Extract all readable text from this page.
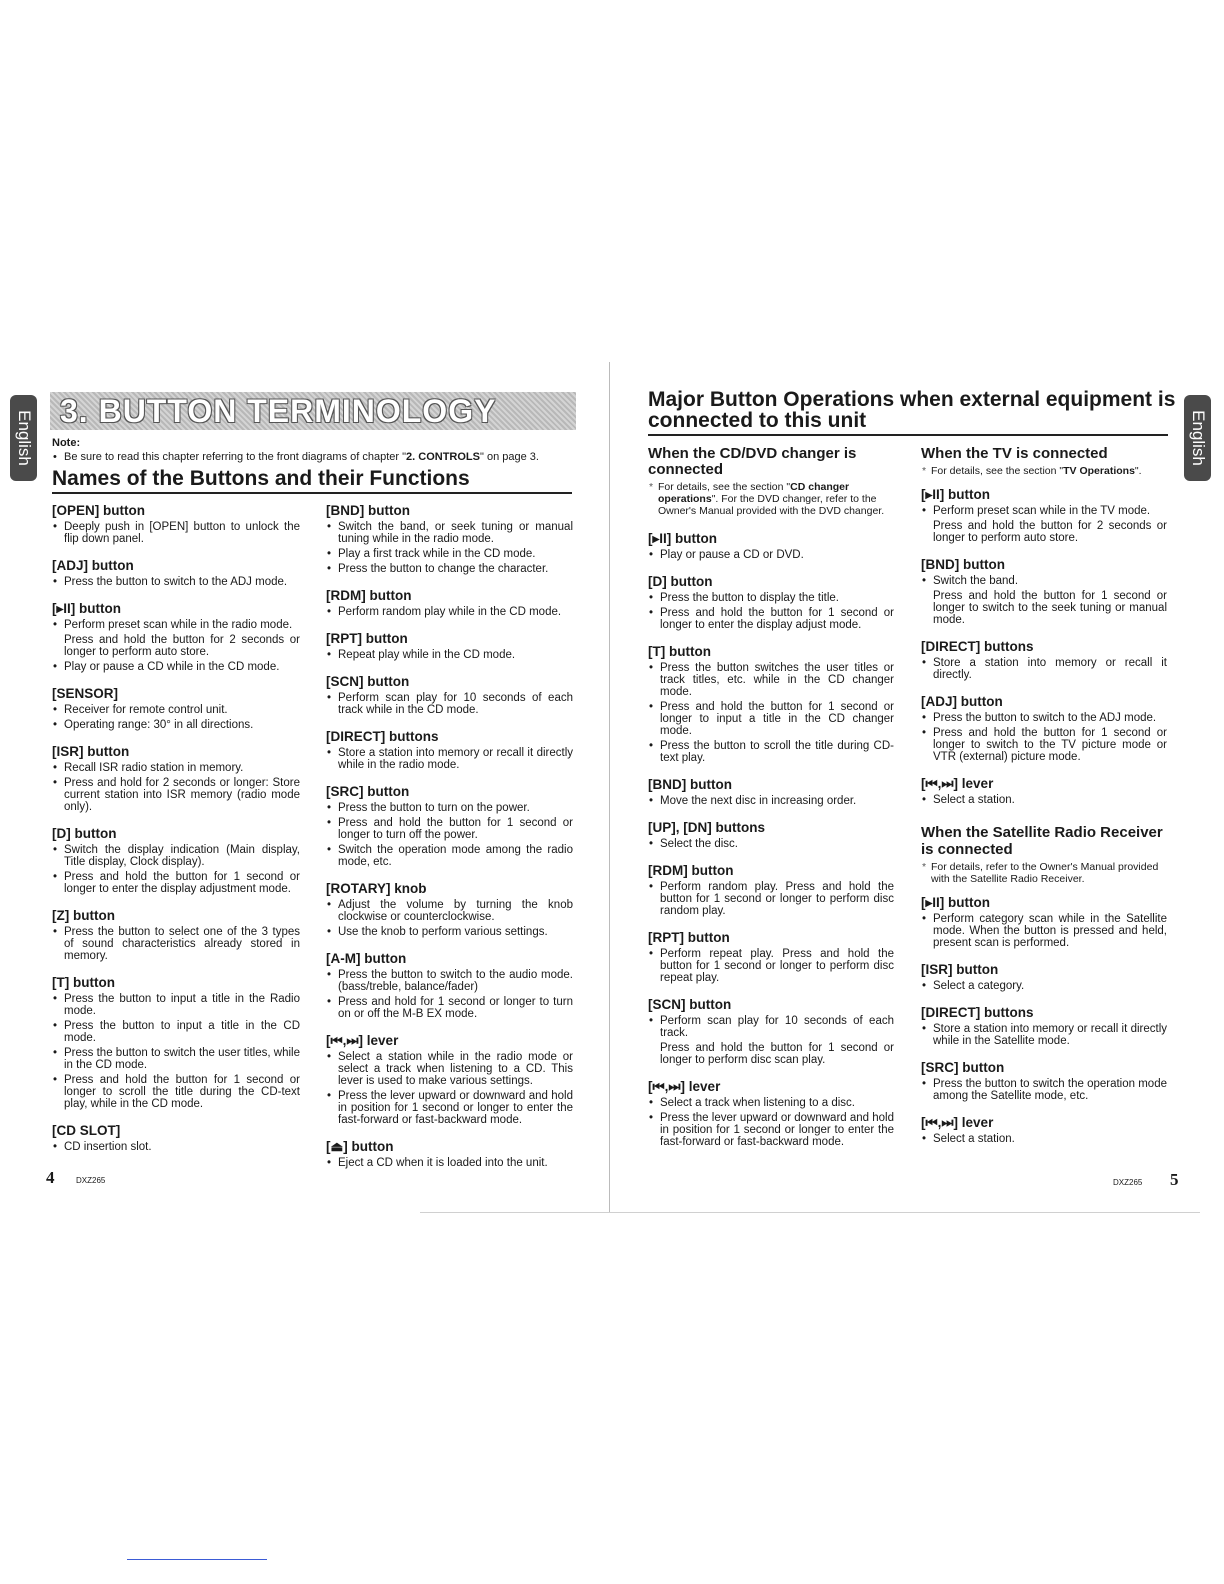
English	English
3. BUTTON TERMINOLOGY
Note:
• Be sure to read this chapter referring to the front diagrams of chapter "2. CONTROLS" on page 3.
Names of the Buttons and their Functions
[OPEN] button
• Deeply push in [OPEN] button to unlock the flip down panel.
[ADJ] button
• Press the button to switch to the ADJ mode.
[▸II] button
• Perform preset scan while in the radio mode.
Press and hold the button for 2 seconds or longer to perform auto store.
• Play or pause a CD while in the CD mode.
[SENSOR]
• Receiver for remote control unit.
• Operating range: 30° in all directions.
[ISR] button
• Recall ISR radio station in memory.
• Press and hold for 2 seconds or longer: Store current station into ISR memory (radio mode only).
[D] button
• Switch the display indication (Main display, Title display, Clock display).
• Press and hold the button for 1 second or longer to enter the display adjustment mode.
[Z] button
• Press the button to select one of the 3 types of sound characteristics already stored in memory.
[T] button
• Press the button to input a title in the Radio mode.
• Press the button to input a title in the CD mode.
• Press the button to switch the user titles, while in the CD mode.
• Press and hold the button for 1 second or longer to scroll the title during the CD-text play, while in the CD mode.
[CD SLOT]
• CD insertion slot.
[BND] button
• Switch the band, or seek tuning or manual tuning while in the radio mode.
• Play a first track while in the CD mode.
• Press the button to change the character.
[RDM] button
• Perform random play while in the CD mode.
[RPT] button
• Repeat play while in the CD mode.
[SCN] button
• Perform scan play for 10 seconds of each track while in the CD mode.
[DIRECT] buttons
• Store a station into memory or recall it directly while in the radio mode.
[SRC] button
• Press the button to turn on the power.
• Press and hold the button for 1 second or longer to turn off the power.
• Switch the operation mode among the radio mode, etc.
[ROTARY] knob
• Adjust the volume by turning the knob clockwise or counterclockwise.
• Use the knob to perform various settings.
[A-M] button
• Press the button to switch to the audio mode. (bass/treble, balance/fader)
• Press and hold for 1 second or longer to turn on or off the M-B EX mode.
[⏮,⏭] lever
• Select a station while in the radio mode or select a track when listening to a CD. This lever is used to make various settings.
• Press the lever upward or downward and hold in position for 1 second or longer to enter the fast-forward or fast-backward mode.
[⏏] button
• Eject a CD when it is loaded into the unit.
4	DXZ265
Major Button Operations when external equipment is
connected to this unit
When the CD/DVD changer is
connected
* For details, see the section "CD changer operations". For the DVD changer, refer to the Owner's Manual provided with the DVD changer.
[▸II] button
• Play or pause a CD or DVD.
[D] button
• Press the button to display the title.
• Press and hold the button for 1 second or longer to enter the display adjust mode.
[T] button
• Press the button switches the user titles or track titles, etc. while in the CD changer mode.
• Press and hold the button for 1 second or longer to input a title in the CD changer mode.
• Press the button to scroll the title during CD-text play.
[BND] button
• Move the next disc in increasing order.
[UP], [DN] buttons
• Select the disc.
[RDM] button
• Perform random play. Press and hold the button for 1 second or longer to perform disc random play.
[RPT] button
• Perform repeat play. Press and hold the button for 1 second or longer to perform disc repeat play.
[SCN] button
• Perform scan play for 10 seconds of each track.
Press and hold the button for 1 second or longer to perform disc scan play.
[⏮,⏭] lever
• Select a track when listening to a disc.
• Press the lever upward or downward and hold in position for 1 second or longer to enter the fast-forward or fast-backward mode.
When the TV is connected
* For details, see the section "TV Operations".
[▸II] button
• Perform preset scan while in the TV mode.
Press and hold the button for 2 seconds or longer to perform auto store.
[BND] button
• Switch the band.
Press and hold the button for 1 second or longer to switch to the seek tuning or manual mode.
[DIRECT] buttons
• Store a station into memory or recall it directly.
[ADJ] button
• Press the button to switch to the ADJ mode.
• Press and hold the button for 1 second or longer to switch to the TV picture mode or VTR (external) picture mode.
[⏮,⏭] lever
• Select a station.
When the Satellite Radio Receiver
is connected
* For details, refer to the Owner's Manual provided with the Satellite Radio Receiver.
[▸II] button
• Perform category scan while in the Satellite mode. When the button is pressed and held, present scan is performed.
[ISR] button
• Select a category.
[DIRECT] buttons
• Store a station into memory or recall it directly while in the Satellite mode.
[SRC] button
• Press the button to switch the operation mode among the Satellite mode, etc.
[⏮,⏭] lever
• Select a station.
DXZ265 5
